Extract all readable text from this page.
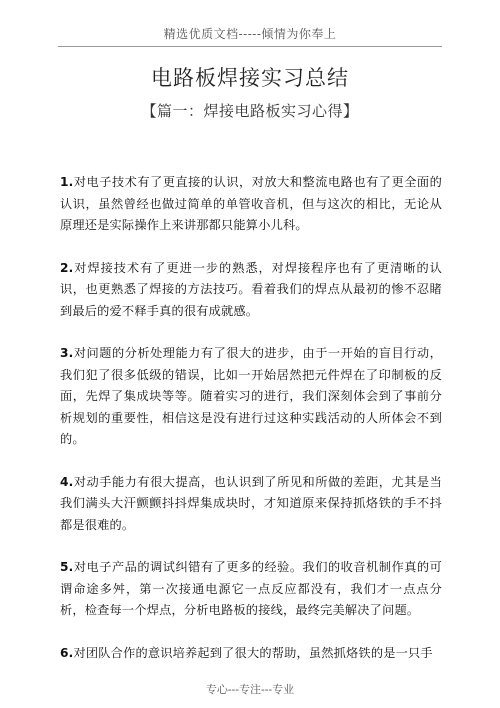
精选优质文档-----倾情为你奉上
电路板焊接实习总结
【篇一：焊接电路板实习心得】

1.对电子技术有了更直接的认识，对放大和整流电路也有了更全面的认识，虽然曾经也做过简单的单管收音机，但与这次的相比，无论从原理还是实际操作上来讲那都只能算小儿科。

2.对焊接技术有了更进一步的熟悉，对焊接程序也有了更清晰的认识，也更熟悉了焊接的方法技巧。看着我们的焊点从最初的惨不忍睹到最后的爱不释手真的很有成就感。

3.对问题的分析处理能力有了很大的进步，由于一开始的盲目行动，我们犯了很多低级的错误，比如一开始居然把元件焊在了印制板的反面，先焊了集成块等等。随着实习的进行，我们深刻体会到了事前分析规划的重要性，相信这是没有进行过这种实践活动的人所体会不到的。

4.对动手能力有很大提高，也认识到了所见和所做的差距，尤其是当我们满头大汗颤颤抖抖焊集成块时，才知道原来保持抓烙铁的手不抖都是很难的。

5.对电子产品的调试纠错有了更多的经验。我们的收音机制作真的可谓命途多舛，第一次接通电源它一点反应都没有，我们才一点点分析，检查每一个焊点，分析电路板的接线，最终完美解决了问题。

6.对团队合作的意识培养起到了很大的帮助，虽然抓烙铁的是一只手

专心---专注---专业
